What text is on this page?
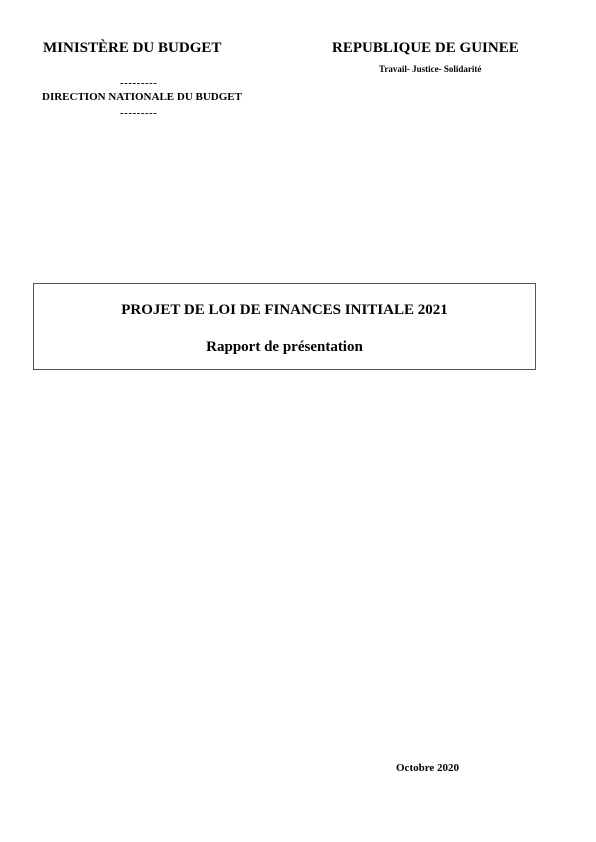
MINISTÈRE DU BUDGET
---------
DIRECTION NATIONALE DU BUDGET
---------
REPUBLIQUE DE GUINEE
Travail- Justice- Solidarité
PROJET DE LOI DE FINANCES INITIALE 2021
Rapport de présentation
Octobre 2020
